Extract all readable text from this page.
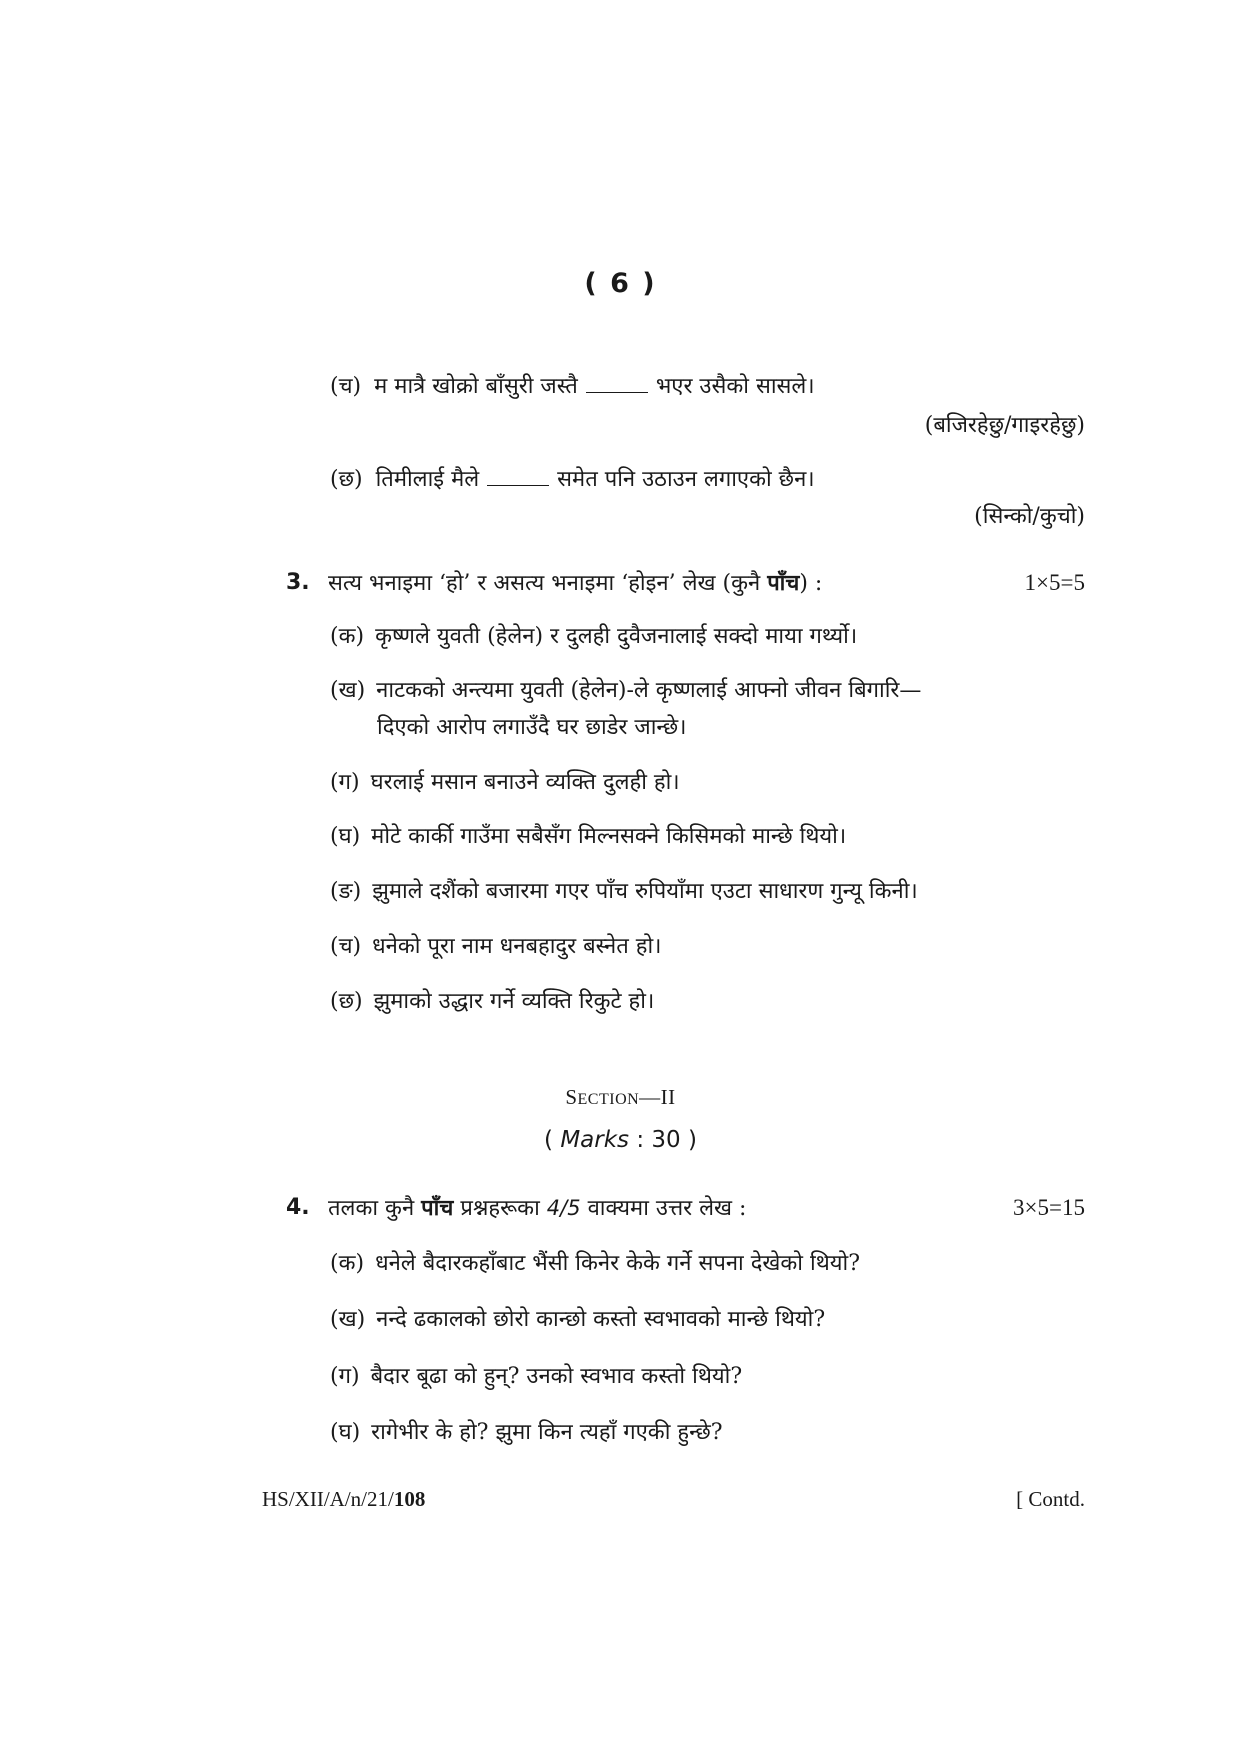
( 6 )
(च) म मात्रै खोक्रो बाँसुरी जस्तै	भएर उसैको सासले।
(बजिरहेछु/गाइरहेछु)
(छ) तिमीलाई मैले	समेत पनि उठाउन लगाएको छैन।
(सिन्को/कुचो)
3. सत्य भनाइमा ‘हो’ र असत्य भनाइमा ‘होइन’ लेख (कुनै पाँच) :	1×5=5
(क) कृष्णले युवती (हेलेन) र दुलही दुवैजनालाई सक्दो माया गर्थ्यो।
(ख) नाटकको अन्त्यमा युवती (हेलेन)-ले कृष्णलाई आफ्नो जीवन बिगारि—
दिएको आरोप लगाउँदै घर छाडेर जान्छे।
(ग) घरलाई मसान बनाउने व्यक्ति दुलही हो।
(घ) मोटे कार्की गाउँमा सबैसँग मिल्नसक्ने किसिमको मान्छे थियो।
(ङ) झुमाले दशैंको बजारमा गएर पाँच रुपियाँमा एउटा साधारण गुन्यू किनी।
(च) धनेको पूरा नाम धनबहादुर बस्नेत हो।
(छ) झुमाको उद्धार गर्ने व्यक्ति रिकुटे हो।
SECTION—II
( Marks : 30 )
4. तलका कुनै पाँच प्रश्नहरूका 4/5 वाक्यमा उत्तर लेख :	3×5=15
(क) धनेले बैदारकहाँबाट भैंसी किनेर केके गर्ने सपना देखेको थियो?
(ख) नन्दे ढकालको छोरो कान्छो कस्तो स्वभावको मान्छे थियो?
(ग) बैदार बूढा को हुन्? उनको स्वभाव कस्तो थियो?
(घ) रागेभीर के हो? झुमा किन त्यहाँ गएकी हुन्छे?
HS/XII/A/n/21/108	[ Contd.
